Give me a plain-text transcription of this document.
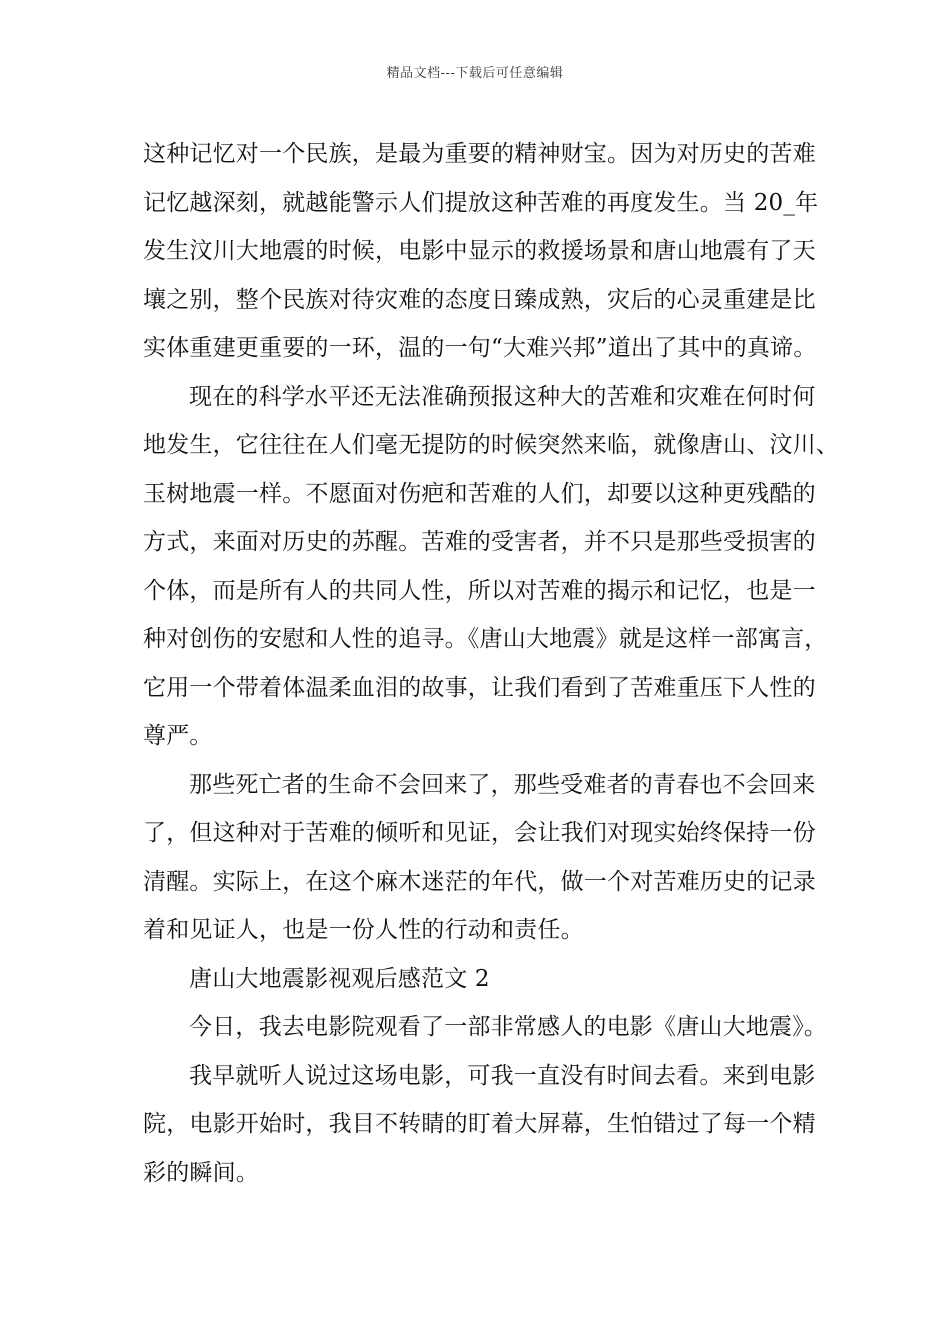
精品文档---下载后可任意编辑
这种记忆对一个民族，是最为重要的精神财宝。因为对历史的苦难
记忆越深刻，就越能警示人们提放这种苦难的再度发生。当 20_年
发生汶川大地震的时候，电影中显示的救援场景和唐山地震有了天
壤之别，整个民族对待灾难的态度日臻成熟，灾后的心灵重建是比
实体重建更重要的一环，温的一句“大难兴邦”道出了其中的真谛。
现在的科学水平还无法准确预报这种大的苦难和灾难在何时何
地发生，它往往在人们毫无提防的时候突然来临，就像唐山、汶川、
玉树地震一样。不愿面对伤疤和苦难的人们，却要以这种更残酷的
方式，来面对历史的苏醒。苦难的受害者，并不只是那些受损害的
个体，而是所有人的共同人性，所以对苦难的揭示和记忆，也是一
种对创伤的安慰和人性的追寻。《唐山大地震》就是这样一部寓言，
它用一个带着体温柔血泪的故事，让我们看到了苦难重压下人性的
尊严。
那些死亡者的生命不会回来了，那些受难者的青春也不会回来
了，但这种对于苦难的倾听和见证，会让我们对现实始终保持一份
清醒。实际上，在这个麻木迷茫的年代，做一个对苦难历史的记录
着和见证人，也是一份人性的行动和责任。
唐山大地震影视观后感范文 2
今日，我去电影院观看了一部非常感人的电影《唐山大地震》。
我早就听人说过这场电影，可我一直没有时间去看。来到电影
院，电影开始时，我目不转睛的盯着大屏幕，生怕错过了每一个精
彩的瞬间。
